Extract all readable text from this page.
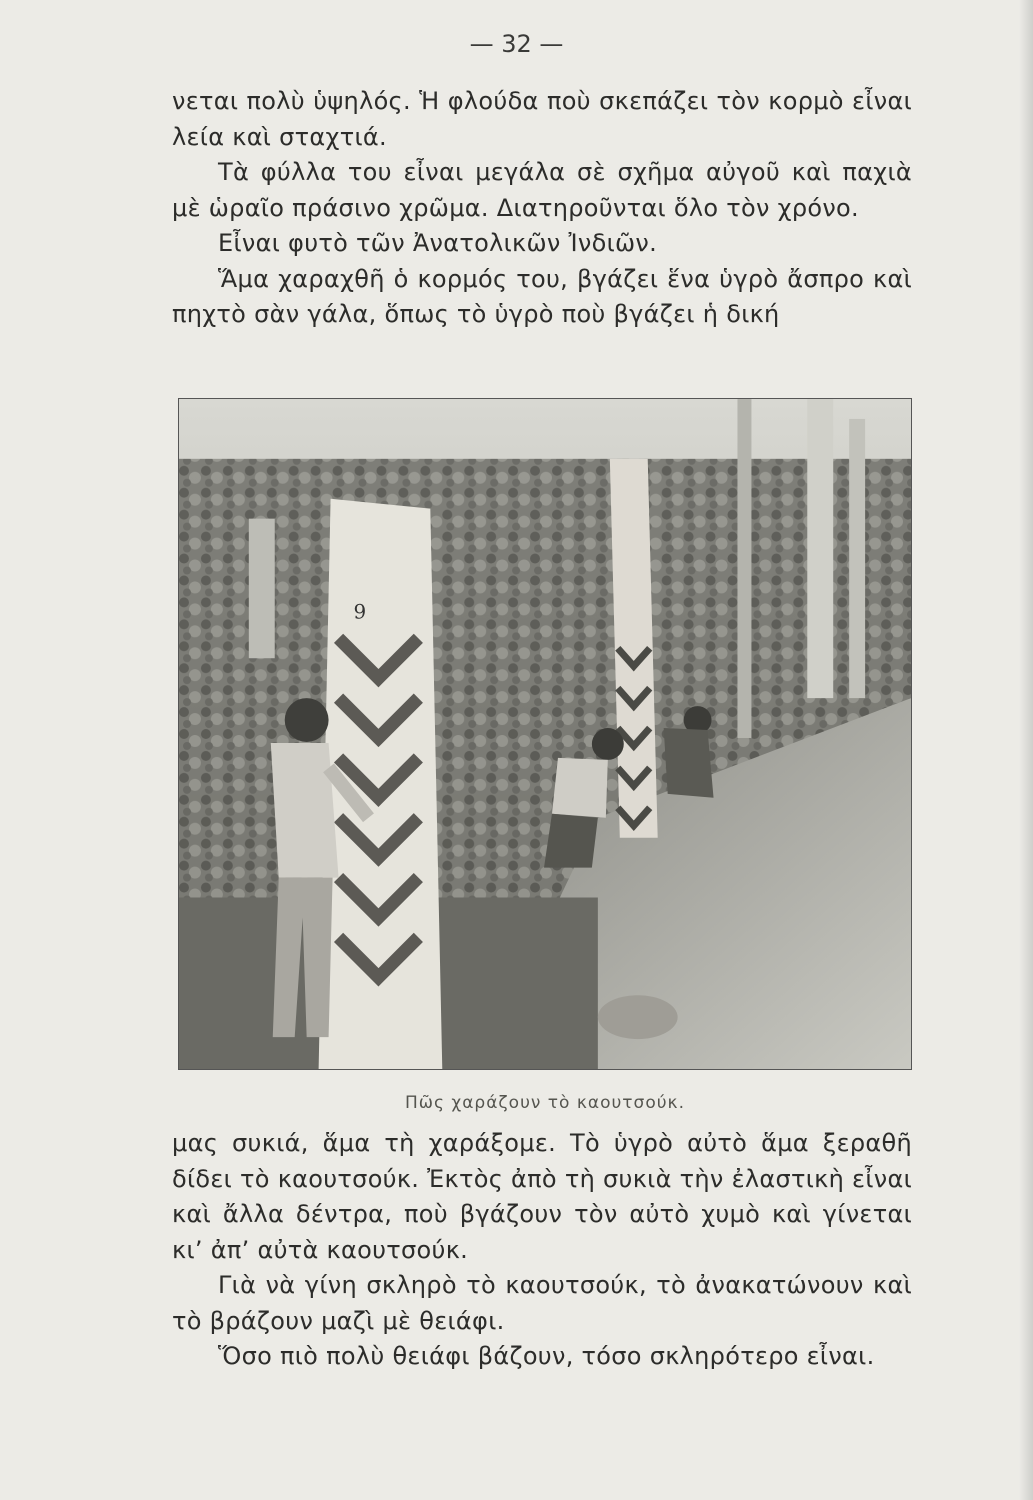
— 32 —

νεται πολὺ ὑψηλός. Ἡ φλούδα ποὺ σκεπάζει τὸν κορμὸ εἶναι λεία καὶ σταχτιά.

Τὰ φύλλα του εἶναι μεγάλα σὲ σχῆμα αὐγοῦ καὶ παχιὰ μὲ ὡραῖο πράσινο χρῶμα. Διατηροῦνται ὅλο τὸν χρόνο.

Εἶναι φυτὸ τῶν Ἀνατολικῶν Ἰνδιῶν.

Ἅμα χαραχθῆ ὁ κορμός του, βγάζει ἕνα ὑγρὸ ἄσπρο καὶ πηχτὸ σὰν γάλα, ὅπως τὸ ὑγρὸ ποὺ βγάζει ἡ δική

9
Πῶς χαράζουν τὸ καουτσούκ.

μας συκιά, ἅμα τὴ χαράξομε. Τὸ ὑγρὸ αὐτὸ ἅμα ξεραθῆ δίδει τὸ καουτσούκ. Ἐκτὸς ἀπὸ τὴ συκιὰ τὴν ἐλαστικὴ εἶναι καὶ ἄλλα δέντρα, ποὺ βγάζουν τὸν αὐτὸ χυμὸ καὶ γίνεται κι’ ἀπ’ αὐτὰ καουτσούκ.

Γιὰ νὰ γίνη σκληρὸ τὸ καουτσούκ, τὸ ἀνακατώνουν καὶ τὸ βράζουν μαζὶ μὲ θειάφι.

Ὅσο πιὸ πολὺ θειάφι βάζουν, τόσο σκληρότερο εἶναι.
